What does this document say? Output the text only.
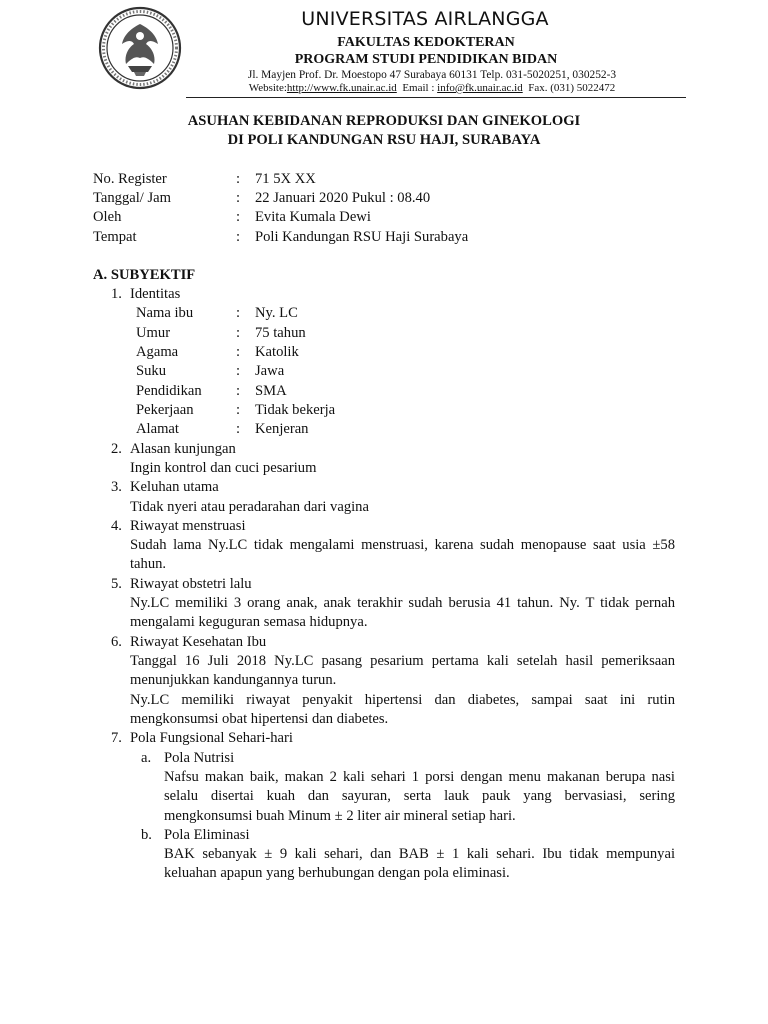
UNIVERSITAS AIRLANGGA
FAKULTAS KEDOKTERAN
PROGRAM STUDI PENDIDIKAN BIDAN
Jl. Mayjen Prof. Dr. Moestopo 47 Surabaya 60131 Telp. 031-5020251, 030252-3
Website:http://www.fk.unair.ac.id Email : info@fk.unair.ac.id Fax. (031) 5022472
ASUHAN KEBIDANAN REPRODUKSI DAN GINEKOLOGI
DI POLI KANDUNGAN RSU HAJI, SURABAYA
No. Register	: 71 5X XX
Tanggal/ Jam	: 22 Januari 2020 Pukul : 08.40
Oleh	: Evita Kumala Dewi
Tempat	: Poli Kandungan RSU Haji Surabaya
A. SUBYEKTIF
1. Identitas
Nama ibu	: Ny. LC
Umur	: 75 tahun
Agama	: Katolik
Suku	: Jawa
Pendidikan : SMA
Pekerjaan	: Tidak bekerja
Alamat	: Kenjeran
2. Alasan kunjungan
Ingin kontrol dan cuci pesarium
3. Keluhan utama
Tidak nyeri atau peradarahan dari vagina
4. Riwayat menstruasi
Sudah lama Ny.LC tidak mengalami menstruasi, karena sudah menopause saat usia ±58 tahun.
5. Riwayat obstetri lalu
Ny.LC memiliki 3 orang anak, anak terakhir sudah berusia 41 tahun. Ny. T tidak pernah mengalami keguguran semasa hidupnya.
6. Riwayat Kesehatan Ibu
Tanggal 16 Juli 2018 Ny.LC pasang pesarium pertama kali setelah hasil pemeriksaan menunjukkan kandungannya turun.
Ny.LC memiliki riwayat penyakit hipertensi dan diabetes, sampai saat ini rutin mengkonsumsi obat hipertensi dan diabetes.
7. Pola Fungsional Sehari-hari
a. Pola Nutrisi
Nafsu makan baik, makan 2 kali sehari 1 porsi dengan menu makanan berupa nasi selalu disertai kuah dan sayuran, serta lauk pauk yang bervasiasi, sering mengkonsumsi buah Minum ± 2 liter air mineral setiap hari.
b. Pola Eliminasi
BAK sebanyak ± 9 kali sehari, dan BAB ± 1 kali sehari. Ibu tidak mempunyai keluahan apapun yang berhubungan dengan pola eliminasi.
